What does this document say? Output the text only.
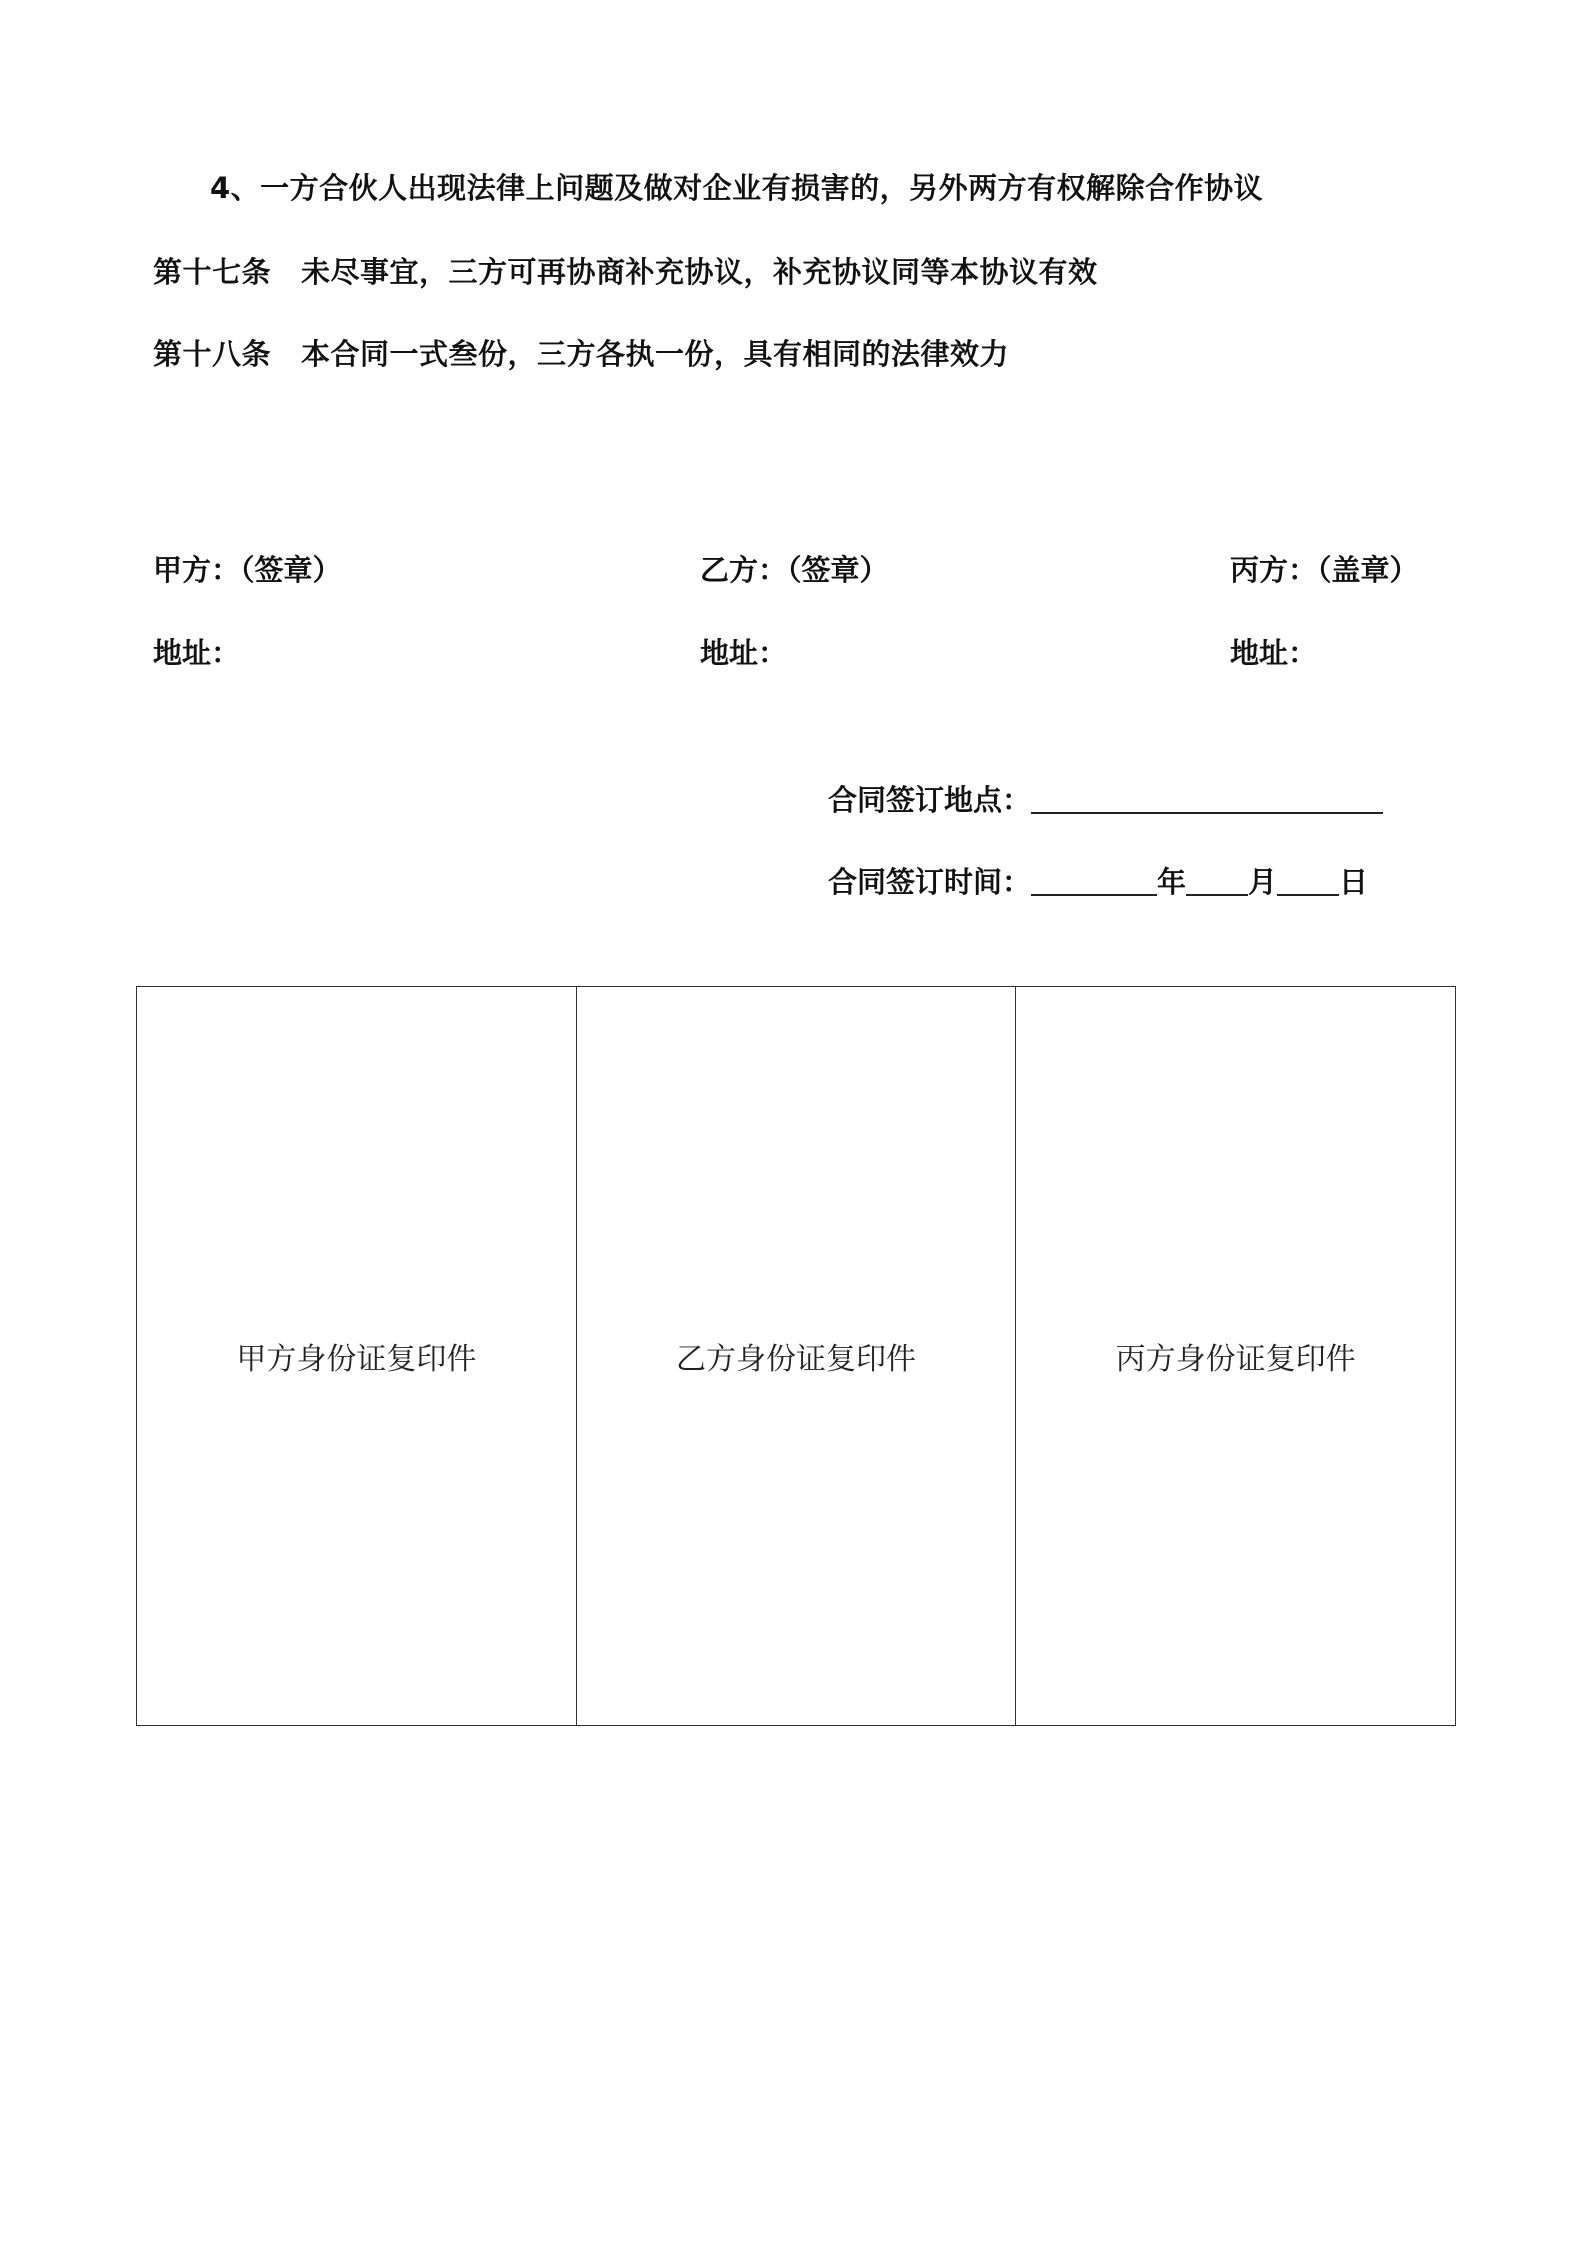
4、一方合伙人出现法律上问题及做对企业有损害的，另外两方有权解除合作协议
第十七条 未尽事宜，三方可再协商补充协议，补充协议同等本协议有效
第十八条 本合同一式叁份，三方各执一份，具有相同的法律效力
甲方：（签章）	乙方：（签章）	丙方：（盖章）
地址：	地址：	地址：
合同签订地点：
合同签订时间：	年 月 日
甲方身份证复印件	乙方身份证复印件	丙方身份证复印件
